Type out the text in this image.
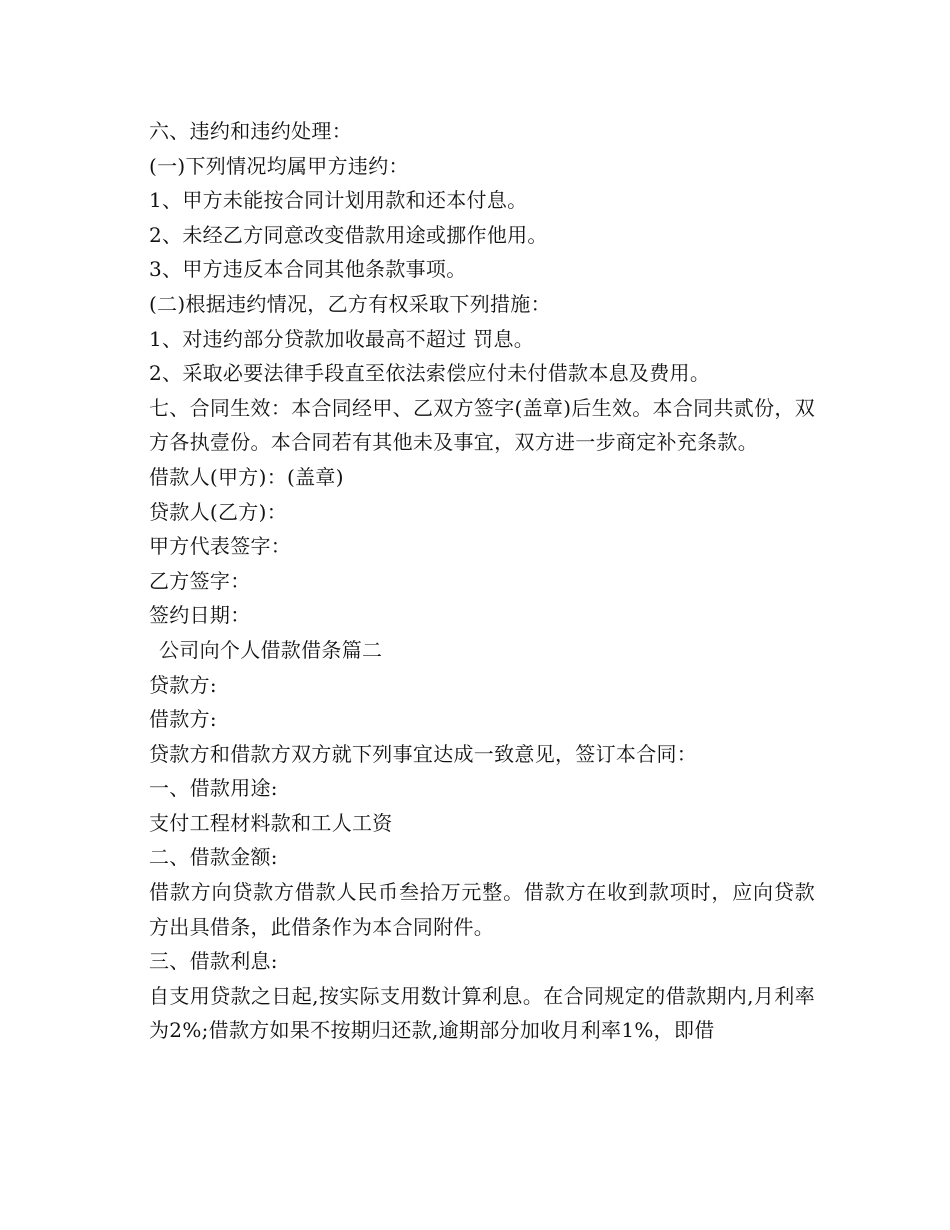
六、违约和违约处理：

(一)下列情况均属甲方违约：

1、甲方未能按合同计划用款和还本付息。

2、未经乙方同意改变借款用途或挪作他用。

3、甲方违反本合同其他条款事项。

(二)根据违约情况，乙方有权采取下列措施：

1、对违约部分贷款加收最高不超过 罚息。

2、采取必要法律手段直至依法索偿应付未付借款本息及费用。

七、合同生效：本合同经甲、乙双方签字(盖章)后生效。本合同共贰份，双方各执壹份。本合同若有其他未及事宜，双方进一步商定补充条款。

借款人(甲方)：(盖章)

贷款人(乙方)：

甲方代表签字：

乙方签字：

签约日期：

公司向个人借款借条篇二

贷款方:

借款方:

贷款方和借款方双方就下列事宜达成一致意见，签订本合同：

一、借款用途:

支付工程材料款和工人工资

二、借款金额:

借款方向贷款方借款人民币叁拾万元整。借款方在收到款项时，应向贷款方出具借条，此借条作为本合同附件。

三、借款利息:

自支用贷款之日起,按实际支用数计算利息。在合同规定的借款期内,月利率为2%;借款方如果不按期归还款,逾期部分加收月利率1%，即借
